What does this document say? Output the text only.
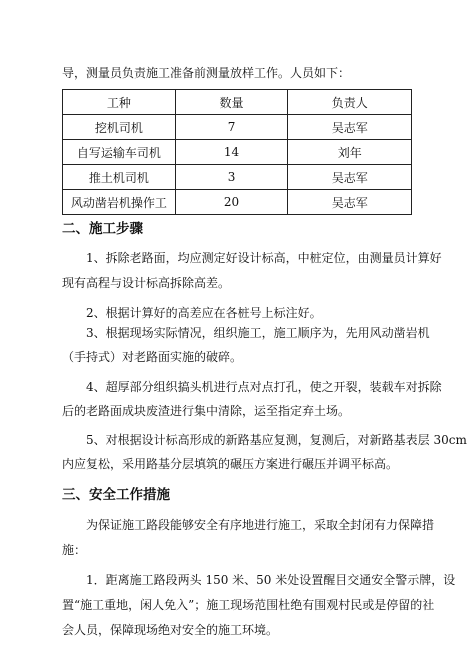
导，测量员负责施工准备前测量放样工作。人员如下：
工种	数量	负责人
挖机司机	7	吴志军
自写运输车司机	14	刘年
推土机司机	3	吴志军
风动凿岩机操作工	20	吴志军
二、施工步骤
1、拆除老路面，均应测定好设计标高，中桩定位，由测量员计算好
现有高程与设计标高拆除高差。
2、根据计算好的高差应在各桩号上标注好。
3、根据现场实际情况，组织施工，施工顺序为，先用风动凿岩机
（手持式）对老路面实施的破碎。
4、超厚部分组织搞头机进行点对点打孔，使之开裂，装载车对拆除
后的老路面成块废渣进行集中清除，运至指定弃土场。
5、对根据设计标高形成的新路基应复测，复测后，对新路基表层 30cm
内应复松，采用路基分层填筑的碾压方案进行碾压并调平标高。
三、安全工作措施
为保证施工路段能够安全有序地进行施工，采取全封闭有力保障措
施：
1．距离施工路段两头 150 米、50 米处设置醒目交通安全警示牌，设
置“施工重地，闲人免入”；施工现场范围杜绝有围观村民或是停留的社
会人员，保障现场绝对安全的施工环境。
